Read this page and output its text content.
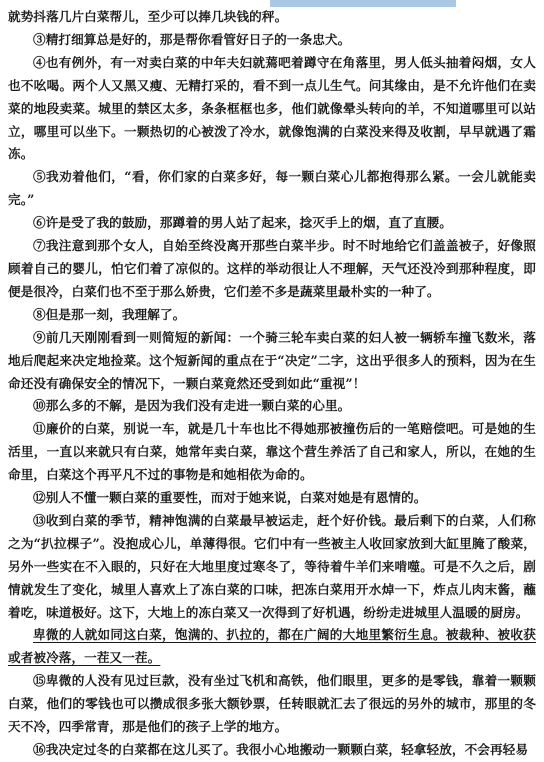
就势抖落几片白菜帮儿，至少可以捧几块钱的秤。

③精打细算总是好的，那是帮你看管好日子的一条忠犬。

④也有例外，有一对卖白菜的中年夫妇就蔫吧着蹲守在角落里，男人低头抽着闷烟，女人也不吆喝。两个人又黑又瘦、无精打采的，看不到一点儿生气。问其缘由，是不允许他们在卖菜的地段卖菜。城里的禁区太多，条条框框也多，他们就像晕头转向的羊，不知道哪里可以站立，哪里可以坐下。一颗热切的心被泼了冷水，就像饱满的白菜没来得及收割，早早就遇了霜冻。

⑤我劝着他们，“看，你们家的白菜多好，每一颗白菜心儿都抱得那么紧。一会儿就能卖完。”

⑥许是受了我的鼓励，那蹲着的男人站了起来，捻灭手上的烟，直了直腰。

⑦我注意到那个女人，自始至终没离开那些白菜半步。时不时地给它们盖盖被子，好像照顾着自己的婴儿，怕它们着了凉似的。这样的举动很让人不理解，天气还没冷到那种程度，即便是很冷，白菜们也不至于那么娇贵，它们差不多是蔬菜里最朴实的一种了。

⑧但是那一刻，我理解了。

⑨前几天刚刚看到一则简短的新闻：一个骑三轮车卖白菜的妇人被一辆轿车撞飞数米，落地后爬起来决定地捡菜。这个短新闻的重点在于“决定”二字，这出乎很多人的预料，因为在生命还没有确保安全的情况下，一颗白菜竟然还受到如此“重视”！

⑩那么多的不解，是因为我们没有走进一颗白菜的心里。

⑪廉价的白菜，别说一车，就是几十车也比不得她那被撞伤后的一笔赔偿吧。可是她的生活里，一直以来就只有白菜，她常年卖白菜，靠这个营生养活了自己和家人，所以，在她的生命里，白菜这个再平凡不过的事物是和她相依为命的。

⑫别人不懂一颗白菜的重要性，而对于她来说，白菜对她是有恩情的。

⑬收到白菜的季节，精神饱满的白菜最早被运走，赶个好价钱。最后剩下的白菜，人们称之为“扒拉棵子”。没抱成心儿，单薄得很。它们中有一些被主人收回家放到大缸里腌了酸菜，另外一些实在不入眼的，只好在大地里度过寒冬了，等待着牛羊们来啃噬。可是不久之后，剧情就发生了变化，城里人喜欢上了冻白菜的口味，把冻白菜用开水焯一下，炸点儿肉末酱，蘸着吃，味道极好。这下，大地上的冻白菜又一次得到了好机遇，纷纷走进城里人温暖的厨房。

卑微的人就如同这白菜，饱满的、扒拉的，都在广阔的大地里繁衍生息。被裁种、被收获或者被冷落，一茬又一茬。

⑮卑微的人没有见过巨款，没有坐过飞机和高铁，他们眼里，更多的是零钱，靠着一颗颗白菜，他们的零钱也可以攒成很多张大额钞票，任转眼就汇去了很远的另外的城市，那里的冬天不冷，四季常青，那是他们的孩子上学的地方。

⑯我决定过冬的白菜都在这儿买了。我很小心地搬动一颗颗白菜，轻拿轻放，不会再轻易
